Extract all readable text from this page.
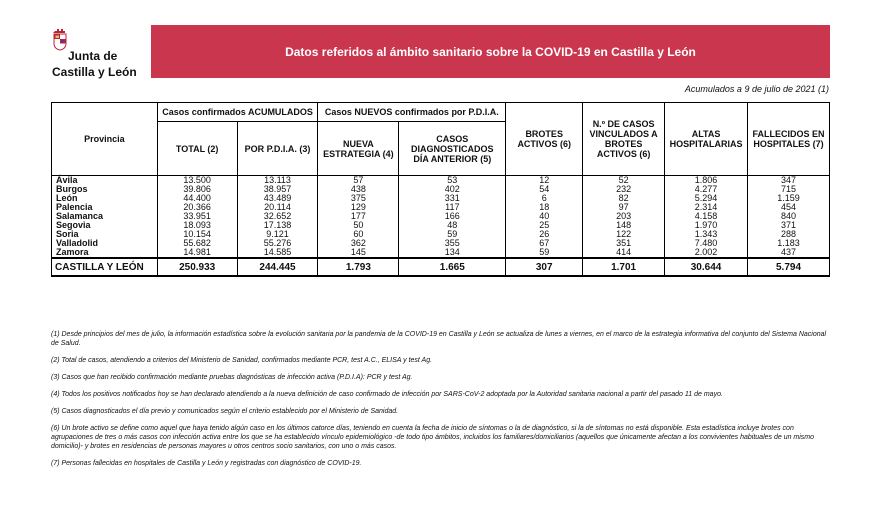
Junta de
Castilla y León
Datos referidos al ámbito sanitario sobre la COVID-19 en Castilla y León
Acumulados a 9 de julio de 2021 (1)
Provincia	Casos confirmados ACUMULADOS		Casos NUEVOS confirmados por P.D.I.A.		BROTES ACTIVOS (6)	N.º DE CASOS VINCULADOS A BROTES ACTIVOS (6)	ALTAS HOSPITALARIAS	FALLECIDOS EN HOSPITALES (7)
	TOTAL (2)	POR P.D.I.A. (3)	NUEVA ESTRATEGIA (4)	CASOS DIAGNOSTICADOS DÍA ANTERIOR (5)				
Ávila	13.500	13.113	57	53	12	52	1.806	347
Burgos	39.806	38.957	438	402	54	232	4.277	715
León	44.400	43.489	375	331	6	82	5.294	1.159
Palencia	20.366	20.114	129	117	18	97	2.314	454
Salamanca	33.951	32.652	177	166	40	203	4.158	840
Segovia	18.093	17.138	50	48	25	148	1.970	371
Soria	10.154	9.121	60	59	26	122	1.343	288
Valladolid	55.682	55.276	362	355	67	351	7.480	1.183
Zamora	14.981	14.585	145	134	59	414	2.002	437
CASTILLA Y LEÓN	250.933	244.445	1.793	1.665	307	1.701	30.644	5.794

(1) Desde principios del mes de julio, la información estadística sobre la evolución sanitaria por la pandemia de la COVID-19 en Castilla y León se actualiza de lunes a viernes, en el marco de la estrategia informativa del conjunto del Sistema Nacional de Salud.

(2) Total de casos, atendiendo a criterios del Ministerio de Sanidad, confirmados mediante PCR, test A.C., ELISA y test Ag.

(3) Casos que han recibido confirmación mediante pruebas diagnósticas de infección activa (P.D.I.A): PCR y test Ag.

(4) Todos los positivos notificados hoy se han declarado atendiendo a la nueva definición de caso confirmado de infección por SARS-CoV-2 adoptada por la Autoridad sanitaria nacional a partir del pasado 11 de mayo.

(5) Casos diagnosticados el día previo y comunicados según el criterio establecido por el Ministerio de Sanidad.

(6) Un brote activo se define como aquel que haya tenido algún caso en los últimos catorce días, teniendo en cuenta la fecha de inicio de síntomas o la de diagnóstico, si la de síntomas no está disponible. Esta estadística incluye brotes con agrupaciones de tres o más casos con infección activa entre los que se ha establecido vínculo epidemiológico -de todo tipo ámbitos, incluidos los familiares/domiciliarios (aquellos que únicamente afectan a los convivientes habituales de un mismo domicilio)- y brotes en residencias de personas mayores u otros centros socio sanitarios, con uno o más casos.

(7) Personas fallecidas en hospitales de Castilla y León y registradas con diagnóstico de COVID-19.
